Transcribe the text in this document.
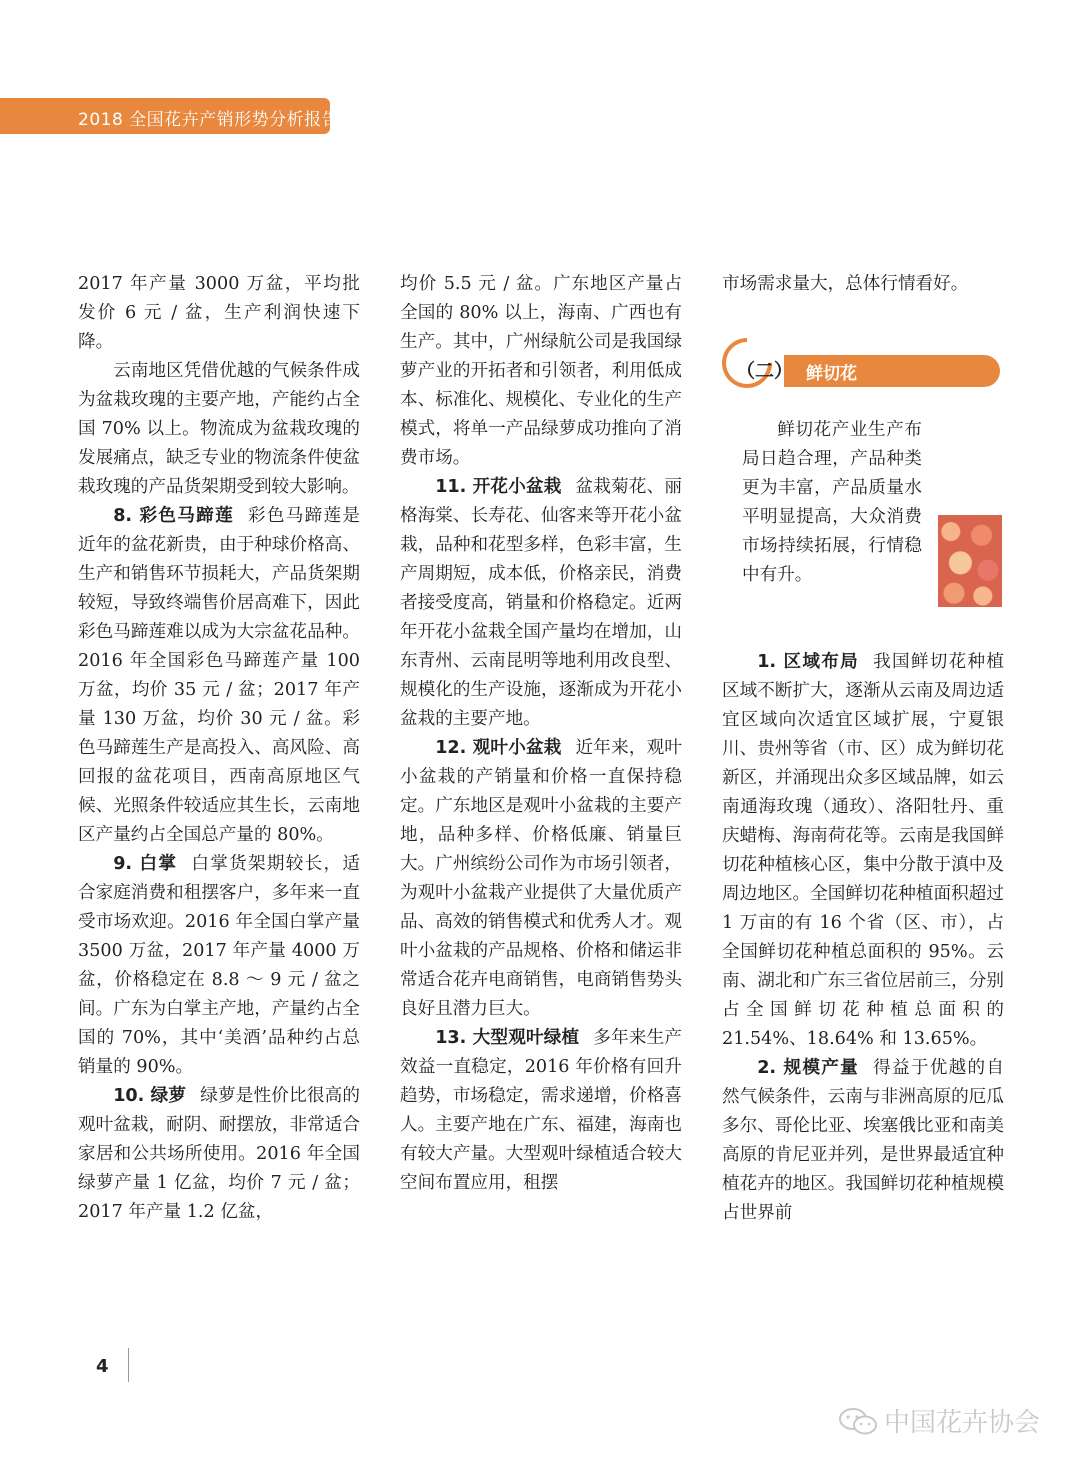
2018 全国花卉产销形势分析报告

2017 年产量 3000 万盆，平均批发价 6 元 / 盆，生产利润快速下降。

云南地区凭借优越的气候条件成为盆栽玫瑰的主要产地，产能约占全国 70% 以上。物流成为盆栽玫瑰的发展痛点，缺乏专业的物流条件使盆栽玫瑰的产品货架期受到较大影响。

8. 彩色马蹄莲 彩色马蹄莲是近年的盆花新贵，由于种球价格高、生产和销售环节损耗大，产品货架期较短，导致终端售价居高难下，因此彩色马蹄莲难以成为大宗盆花品种。2016 年全国彩色马蹄莲产量 100 万盆，均价 35 元 / 盆；2017 年产量 130 万盆，均价 30 元 / 盆。彩色马蹄莲生产是高投入、高风险、高回报的盆花项目，西南高原地区气候、光照条件较适应其生长，云南地区产量约占全国总产量的 80%。

9. 白掌 白掌货架期较长，适合家庭消费和租摆客户，多年来一直受市场欢迎。2016 年全国白掌产量 3500 万盆，2017 年产量 4000 万盆，价格稳定在 8.8 ～ 9 元 / 盆之间。广东为白掌主产地，产量约占全国的 70%，其中‘美酒’品种约占总销量的 90%。

10. 绿萝 绿萝是性价比很高的观叶盆栽，耐阴、耐摆放，非常适合家居和公共场所使用。2016 年全国绿萝产量 1 亿盆，均价 7 元 / 盆；2017 年产量 1.2 亿盆，

均价 5.5 元 / 盆。广东地区产量占全国的 80% 以上，海南、广西也有生产。其中，广州绿航公司是我国绿萝产业的开拓者和引领者，利用低成本、标准化、规模化、专业化的生产模式，将单一产品绿萝成功推向了消费市场。

11. 开花小盆栽 盆栽菊花、丽格海棠、长寿花、仙客来等开花小盆栽，品种和花型多样，色彩丰富，生产周期短，成本低，价格亲民，消费者接受度高，销量和价格稳定。近两年开花小盆栽全国产量均在增加，山东青州、云南昆明等地利用改良型、规模化的生产设施，逐渐成为开花小盆栽的主要产地。

12. 观叶小盆栽 近年来，观叶小盆栽的产销量和价格一直保持稳定。广东地区是观叶小盆栽的主要产地，品种多样、价格低廉、销量巨大。广州缤纷公司作为市场引领者，为观叶小盆栽产业提供了大量优质产品、高效的销售模式和优秀人才。观叶小盆栽的产品规格、价格和储运非常适合花卉电商销售，电商销售势头良好且潜力巨大。

13. 大型观叶绿植 多年来生产效益一直稳定，2016 年价格有回升趋势，市场稳定，需求递增，价格喜人。主要产地在广东、福建，海南也有较大产量。大型观叶绿植适合较大空间布置应用，租摆

市场需求量大，总体行情看好。

（二） 鲜切花

鲜切花产业生产布局日趋合理，产品种类更为丰富，产品质量水平明显提高，大众消费市场持续拓展，行情稳中有升。

1. 区域布局 我国鲜切花种植区域不断扩大，逐渐从云南及周边适宜区域向次适宜区域扩展，宁夏银川、贵州等省（市、区）成为鲜切花新区，并涌现出众多区域品牌，如云南通海玫瑰（通玫）、洛阳牡丹、重庆蜡梅、海南荷花等。云南是我国鲜切花种植核心区，集中分散于滇中及周边地区。全国鲜切花种植面积超过 1 万亩的有 16 个省（区、市），占全国鲜切花种植总面积的 95%。云南、湖北和广东三省位居前三，分别占全国鲜切花种植总面积的 21.54%、18.64% 和 13.65%。

2. 规模产量 得益于优越的自然气候条件，云南与非洲高原的厄瓜多尔、哥伦比亚、埃塞俄比亚和南美高原的肯尼亚并列，是世界最适宜种植花卉的地区。我国鲜切花种植规模占世界前

4
中国花卉协会
